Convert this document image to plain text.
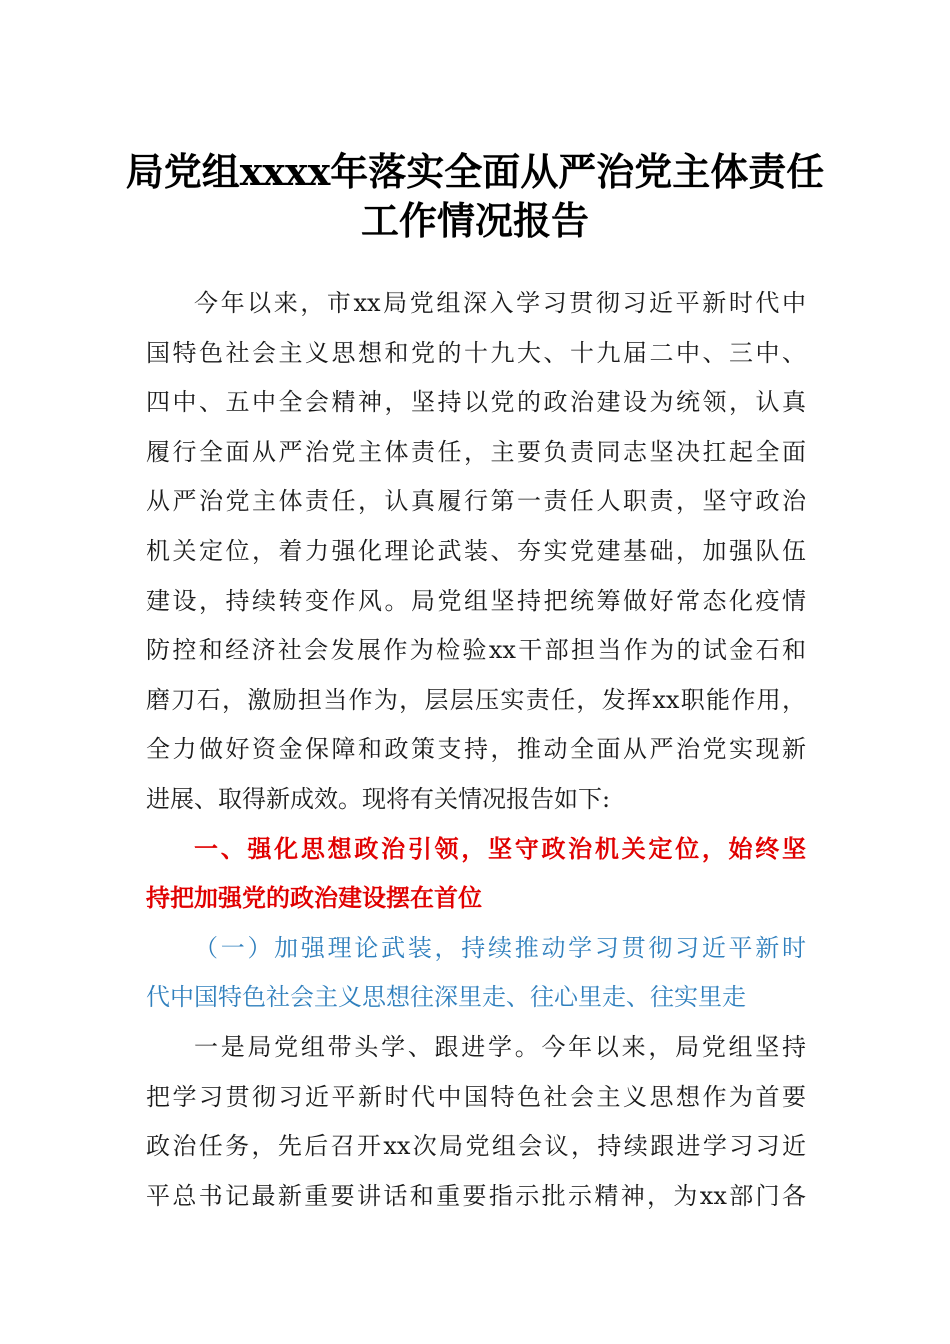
局党组xxxx年落实全面从严治党主体责任
工作情况报告
今年以来，市xx局党组深入学习贯彻习近平新时代中
国特色社会主义思想和党的十九大、十九届二中、三中、
四中、五中全会精神，坚持以党的政治建设为统领，认真
履行全面从严治党主体责任，主要负责同志坚决扛起全面
从严治党主体责任，认真履行第一责任人职责，坚守政治
机关定位，着力强化理论武装、夯实党建基础，加强队伍
建设，持续转变作风。局党组坚持把统筹做好常态化疫情
防控和经济社会发展作为检验xx干部担当作为的试金石和
磨刀石，激励担当作为，层层压实责任，发挥xx职能作用，
全力做好资金保障和政策支持，推动全面从严治党实现新
进展、取得新成效。现将有关情况报告如下:
一、强化思想政治引领，坚守政治机关定位，始终坚
持把加强党的政治建设摆在首位
（一）加强理论武装，持续推动学习贯彻习近平新时
代中国特色社会主义思想往深里走、往心里走、往实里走
一是局党组带头学、跟进学。今年以来，局党组坚持
把学习贯彻习近平新时代中国特色社会主义思想作为首要
政治任务，先后召开xx次局党组会议，持续跟进学习习近
平总书记最新重要讲话和重要指示批示精神，为xx部门各
